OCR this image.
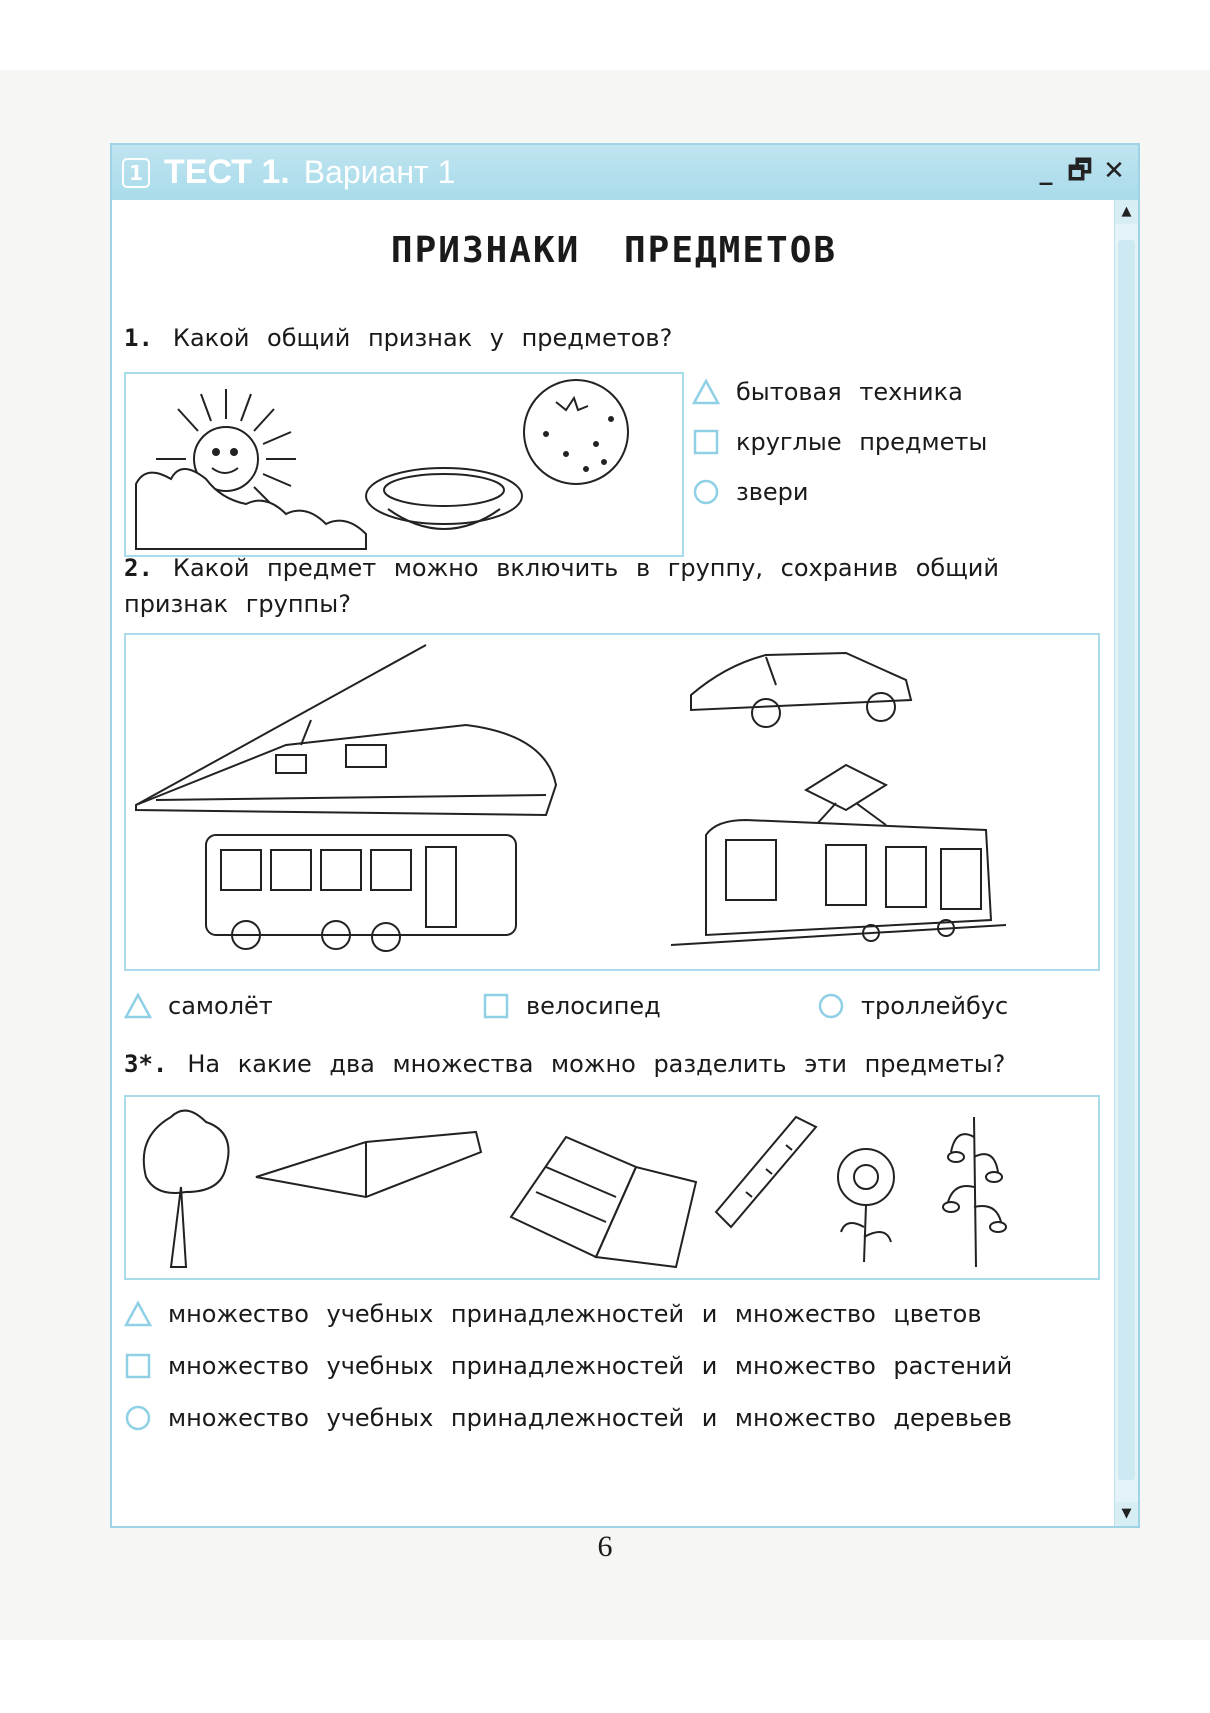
1 ТЕСТ 1. Вариант 1	_ 🗗 ✕
▲
▼
ПРИЗНАКИ ПРЕДМЕТОВ
1. Какой общий признак у предметов?
бытовая техника
круглые предметы
звери
2. Какой предмет можно включить в группу, сохранив общий признак группы?
самолёт	велосипед	троллейбус
3*. На какие два множества можно разделить эти предметы?
множество учебных принадлежностей и множество цветов
множество учебных принадлежностей и множество растений
множество учебных принадлежностей и множество деревьев
6
